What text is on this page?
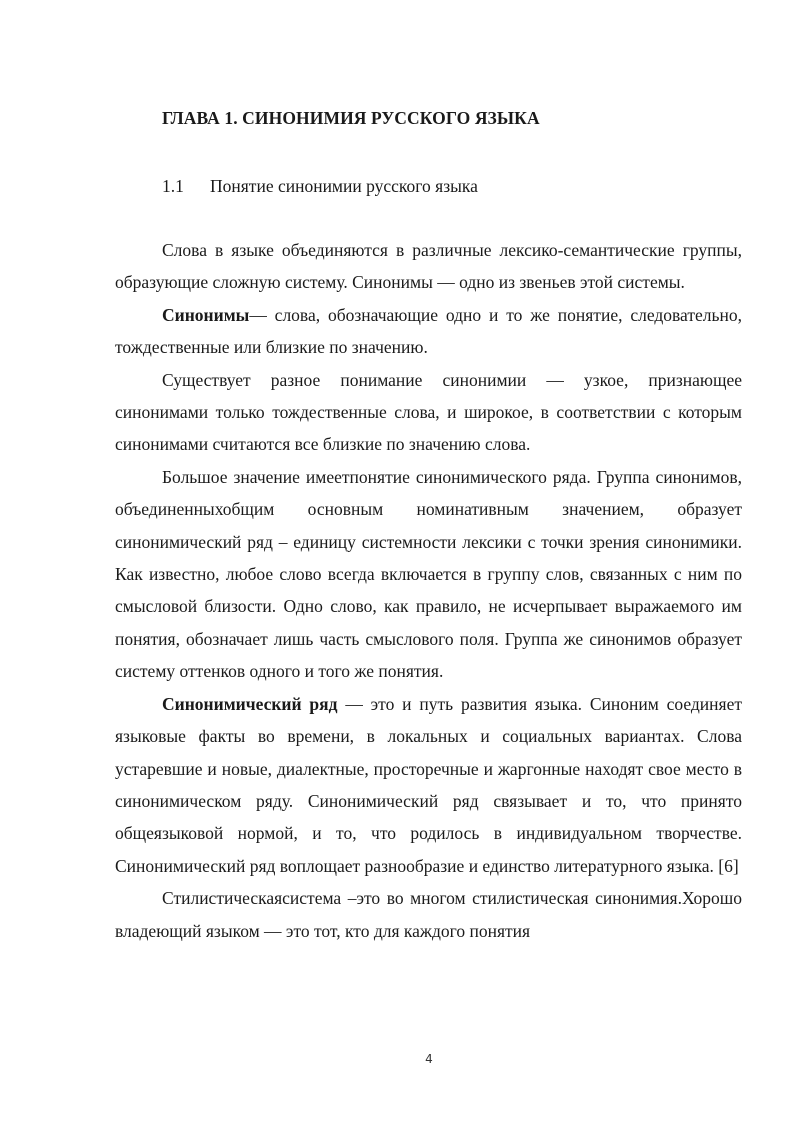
ГЛАВА 1. СИНОНИМИЯ РУССКОГО ЯЗЫКА
1.1 Понятие синонимии русского языка

Слова в языке объединяются в различные лексико-семантические группы, образующие сложную систему. Синонимы — одно из звеньев этой системы.

Синонимы— слова, обозначающие одно и то же понятие, следовательно, тождественные или близкие по значению.

Существует разное понимание синонимии — узкое, признающее синонимами только тождественные слова, и широкое, в соответствии с которым синонимами считаются все близкие по значению слова.

Большое значение имеетпонятие синонимического ряда. Группа синонимов, объединенныхобщим основным номинативным значением, образует синонимический ряд – единицу системности лексики с точки зрения синонимики. Как известно, любое слово всегда включается в группу слов, связанных с ним по смысловой близости. Одно слово, как правило, не исчерпывает выражаемого им понятия, обозначает лишь часть смыслового поля. Группа же синонимов образует систему оттенков одного и того же понятия.

Синонимический ряд — это и путь развития языка. Синоним соединяет языковые факты во времени, в локальных и социальных вариантах. Слова устаревшие и новые, диалектные, просторечные и жаргонные находят свое место в синонимическом ряду. Синонимический ряд связывает и то, что принято общеязыковой нормой, и то, что родилось в индивидуальном творчестве. Синонимический ряд воплощает разнообразие и единство литературного языка. [6]

Стилистическаясистема –это во многом стилистическая синонимия.Хорошо владеющий языком — это тот, кто для каждого понятия

4
